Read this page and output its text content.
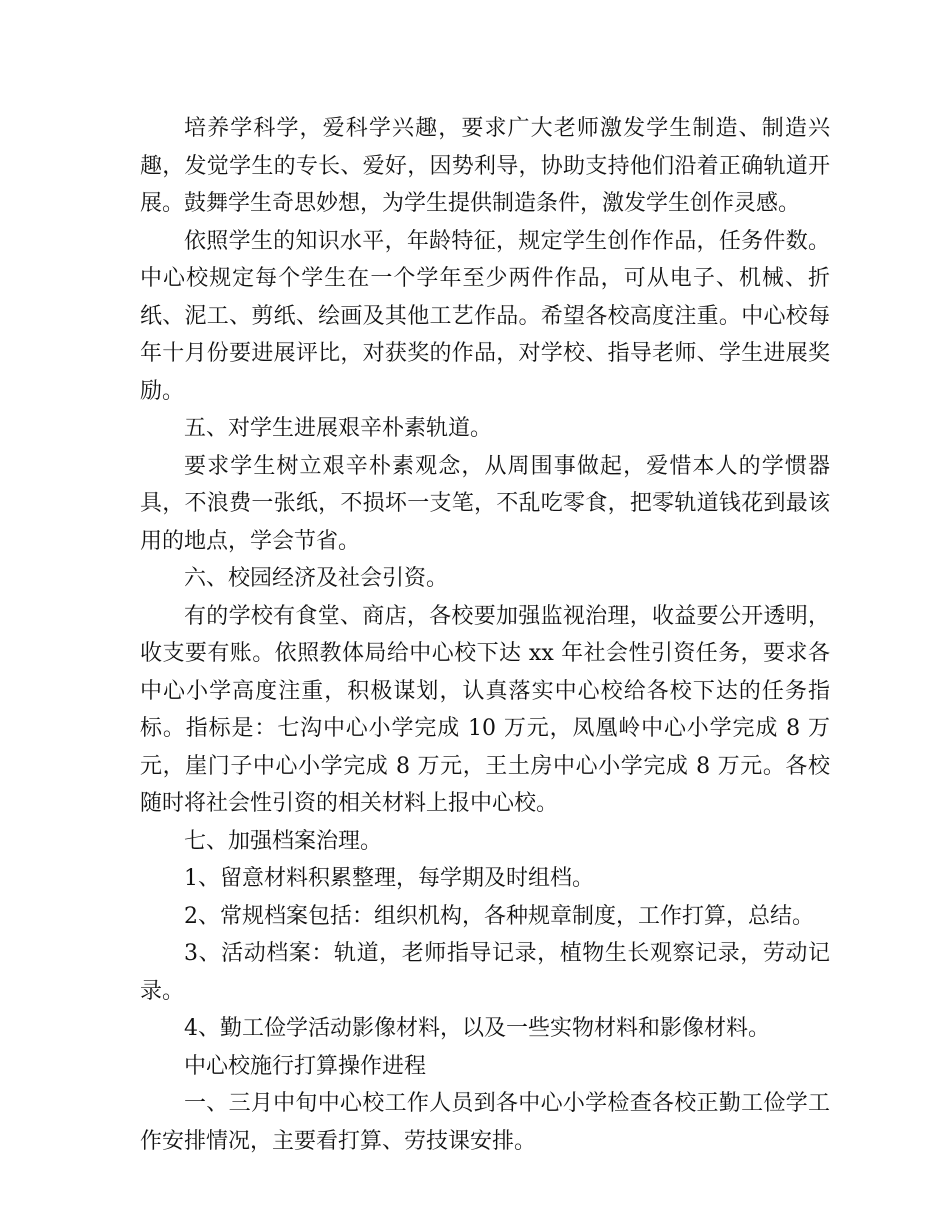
培养学科学，爱科学兴趣，要求广大老师激发学生制造、制造兴趣，发觉学生的专长、爱好，因势利导，协助支持他们沿着正确轨道开展。鼓舞学生奇思妙想，为学生提供制造条件，激发学生创作灵感。

依照学生的知识水平，年龄特征，规定学生创作作品，任务件数。中心校规定每个学生在一个学年至少两件作品，可从电子、机械、折纸、泥工、剪纸、绘画及其他工艺作品。希望各校高度注重。中心校每年十月份要进展评比，对获奖的作品，对学校、指导老师、学生进展奖励。

五、对学生进展艰辛朴素轨道。

要求学生树立艰辛朴素观念，从周围事做起，爱惜本人的学惯器具，不浪费一张纸，不损坏一支笔，不乱吃零食，把零轨道钱花到最该用的地点，学会节省。

六、校园经济及社会引资。

有的学校有食堂、商店，各校要加强监视治理，收益要公开透明，收支要有账。依照教体局给中心校下达 xx 年社会性引资任务，要求各中心小学高度注重，积极谋划，认真落实中心校给各校下达的任务指标。指标是：七沟中心小学完成 10 万元，凤凰岭中心小学完成 8 万元，崖门子中心小学完成 8 万元，王土房中心小学完成 8 万元。各校随时将社会性引资的相关材料上报中心校。

七、加强档案治理。

1、留意材料积累整理，每学期及时组档。

2、常规档案包括：组织机构，各种规章制度，工作打算，总结。

3、活动档案：轨道，老师指导记录，植物生长观察记录，劳动记录。

4、勤工俭学活动影像材料，以及一些实物材料和影像材料。

中心校施行打算操作进程

一、三月中旬中心校工作人员到各中心小学检查各校正勤工俭学工作安排情况，主要看打算、劳技课安排。
